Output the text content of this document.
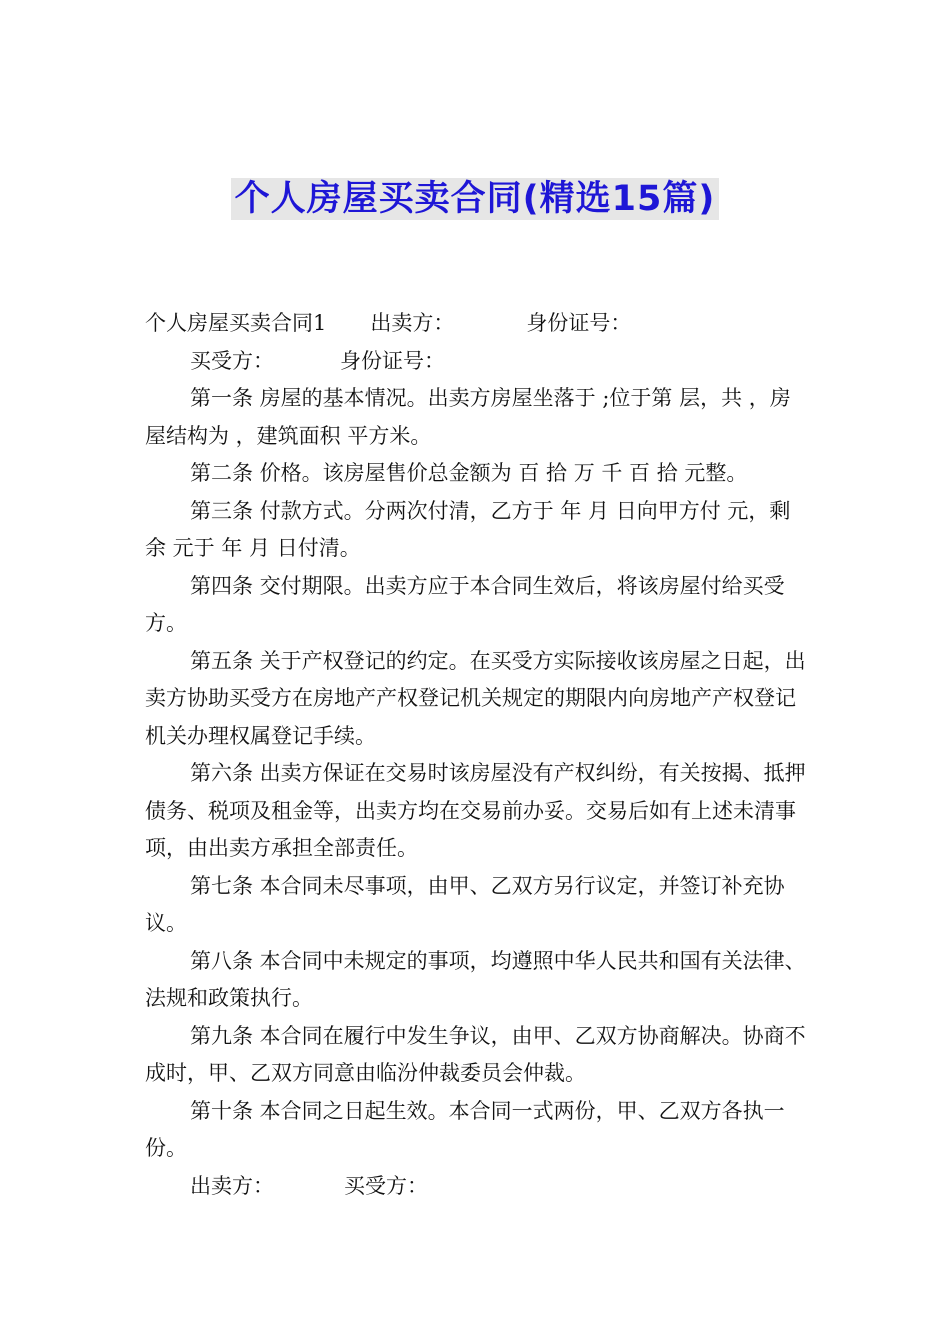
个人房屋买卖合同(精选15篇)

个人房屋买卖合同1 出卖方：	身份证号：

买受方：	身份证号：

第一条 房屋的基本情况。出卖方房屋坐落于 ;位于第 层，共 ，房屋结构为 ，建筑面积 平方米。

第二条 价格。该房屋售价总金额为 百 拾 万 千 百 拾 元整。

第三条 付款方式。分两次付清，乙方于 年 月 日向甲方付 元，剩余 元于 年 月 日付清。

第四条 交付期限。出卖方应于本合同生效后，将该房屋付给买受方。

第五条 关于产权登记的约定。在买受方实际接收该房屋之日起，出卖方协助买受方在房地产产权登记机关规定的期限内向房地产产权登记机关办理权属登记手续。

第六条 出卖方保证在交易时该房屋没有产权纠纷，有关按揭、抵押债务、税项及租金等，出卖方均在交易前办妥。交易后如有上述未清事项，由出卖方承担全部责任。

第七条 本合同未尽事项，由甲、乙双方另行议定，并签订补充协议。

第八条 本合同中未规定的事项，均遵照中华人民共和国有关法律、法规和政策执行。

第九条 本合同在履行中发生争议，由甲、乙双方协商解决。协商不成时，甲、乙双方同意由临汾仲裁委员会仲裁。

第十条 本合同之日起生效。本合同一式两份，甲、乙双方各执一份。

出卖方：	买受方：
